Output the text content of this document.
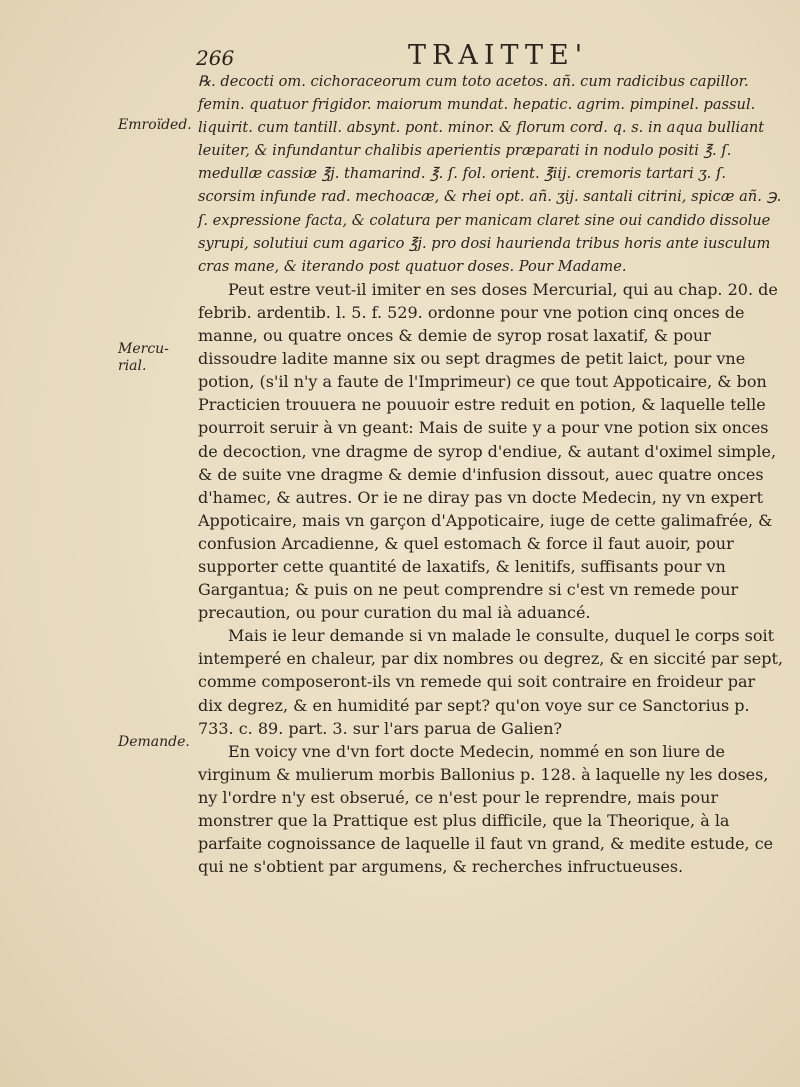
266	TRAITTE'
Emroïded.
Mercu-rial.
Demande.

℞. decocti om. cichoraceorum cum toto acetos. añ. cum radicibus capillor. femin. quatuor frigidor. maiorum mundat. hepatic. agrim. pimpinel. passul. liquirit. cum tantill. absynt. pont. minor. & florum cord. q. s. in aqua bulliant leuiter, & infundantur chalibis aperientis præparati in nodulo positi ℥. ſ. medullæ cassiæ ℥j. thamarind. ℥. ſ. fol. orient. ℥iij. cremoris tartari ʒ. ſ. scorsim infunde rad. mechoacæ, & rhei opt. añ. ʒij. santali citrini, spicæ añ. ℈. ſ. expressione facta, & colatura per manicam claret sine oui candido dissolue syrupi, solutiui cum agarico ℥j. pro dosi haurienda tribus horis ante iusculum cras mane, & iterando post quatuor doses. Pour Madame.

Peut estre veut-il imiter en ses doses Mercurial, qui au chap. 20. de febrib. ardentib. l. 5. f. 529. ordonne pour vne potion cinq onces de manne, ou quatre onces & demie de syrop rosat laxatif, & pour dissoudre ladite manne six ou sept dragmes de petit laict, pour vne potion, (s'il n'y a faute de l'Imprimeur) ce que tout Appoticaire, & bon Practicien trouuera ne pouuoir estre reduit en potion, & laquelle telle pourroit seruir à vn geant: Mais de suite y a pour vne potion six onces de decoction, vne dragme de syrop d'endiue, & autant d'oximel simple, & de suite vne dragme & demie d'infusion dissout, auec quatre onces d'hamec, & autres. Or ie ne diray pas vn docte Medecin, ny vn expert Appoticaire, mais vn garçon d'Appoticaire, iuge de cette galimafrée, & confusion Arcadienne, & quel estomach & force il faut auoir, pour supporter cette quantité de laxatifs, & lenitifs, suffisants pour vn Gargantua; & puis on ne peut comprendre si c'est vn remede pour precaution, ou pour curation du mal ià aduancé.

Mais ie leur demande si vn malade le consulte, duquel le corps soit intemperé en chaleur, par dix nombres ou degrez, & en siccité par sept, comme composeront-ils vn remede qui soit contraire en froideur par dix degrez, & en humidité par sept? qu'on voye sur ce Sanctorius p. 733. c. 89. part. 3. sur l'ars parua de Galien?

En voicy vne d'vn fort docte Medecin, nommé en son liure de virginum & mulierum morbis Ballonius p. 128. à laquelle ny les doses, ny l'ordre n'y est obserué, ce n'est pour le reprendre, mais pour monstrer que la Prattique est plus difficile, que la Theorique, à la parfaite cognoissance de laquelle il faut vn grand, & medite estude, ce qui ne s'obtient par argumens, & recherches infructueuses.
